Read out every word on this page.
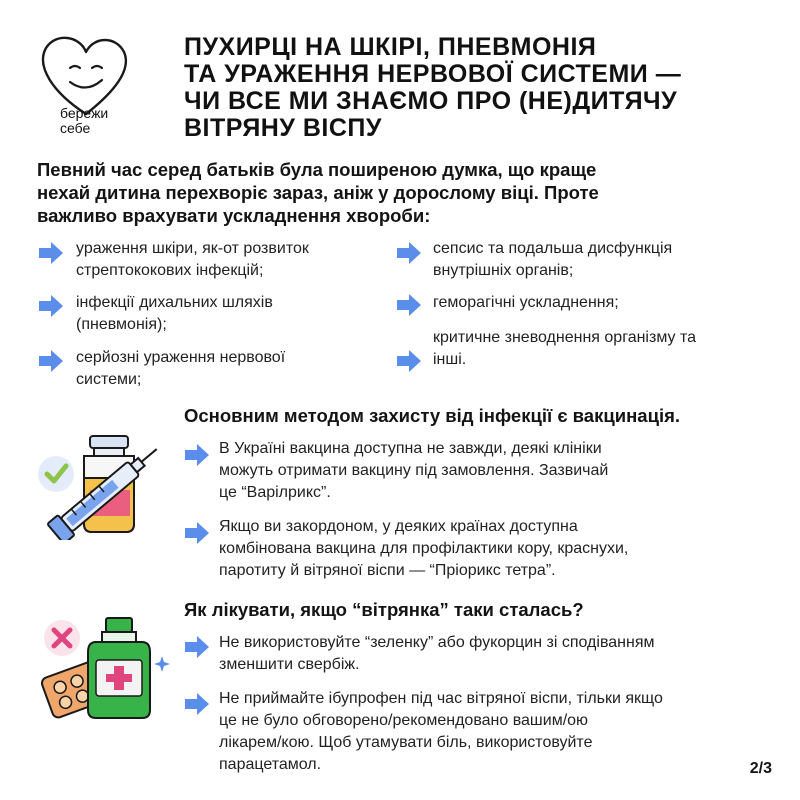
бережи
себе
ПУХИРЦІ НА ШКІРІ, ПНЕВМОНІЯ
ТА УРАЖЕННЯ НЕРВОВОЇ СИСТЕМИ —
ЧИ ВСЕ МИ ЗНАЄМО ПРО (НЕ)ДИТЯЧУ
ВІТРЯНУ ВІСПУ
Певний час серед батьків була поширеною думка, що краще
нехай дитина перехворіє зараз, аніж у дорослому віці. Проте
важливо врахувати ускладнення хвороби:
ураження шкіри, як-от розвиток
стрептококових інфекцій;
інфекції дихальних шляхів
(пневмонія);
серйозні ураження нервової
системи;
сепсис та подальша дисфункція
внутрішніх органів;
геморагічні ускладнення;
критичне зневоднення організму та
інші.
Основним методом захисту від інфекції є вакцинація.
В Україні вакцина доступна не завжди, деякі клініки
можуть отримати вакцину під замовлення. Зазвичай
це “Варілрикс”.
Якщо ви закордоном, у деяких країнах доступна
комбінована вакцина для профілактики кору, краснухи,
паротиту й вітряної віспи — “Пріорикс тетра”.
Як лікувати, якщо “вітрянка” таки сталась?
Не використовуйте “зеленку” або фукорцин зі сподіванням
зменшити свербіж.
Не приймайте ібупрофен під час вітряної віспи, тільки якщо
це не було обговорено/рекомендовано вашим/ою
лікарем/кою. Щоб утамувати біль, використовуйте
парацетамол.	2/3
